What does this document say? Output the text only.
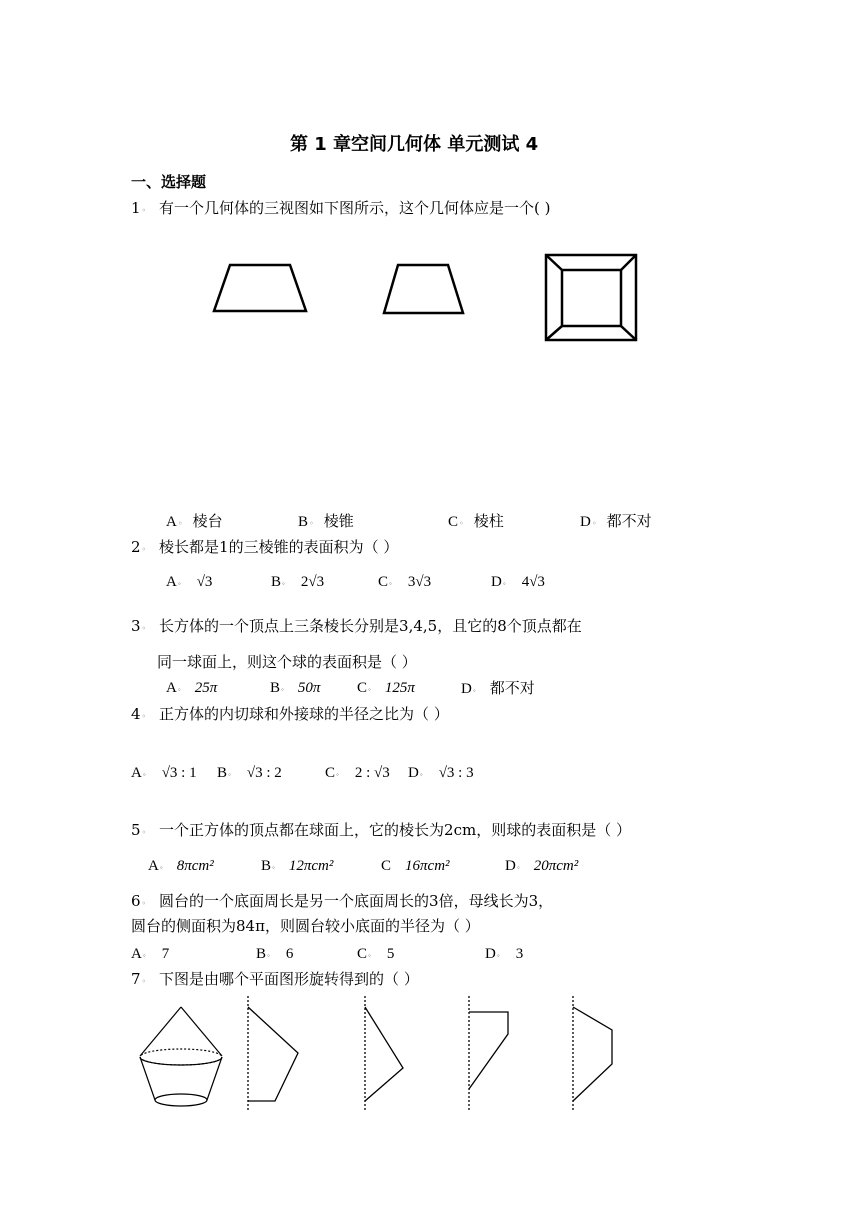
第 1 章空间几何体 单元测试 4
一、选择题
1◦ 有一个几何体的三视图如下图所示，这个几何体应是一个( )
A◦ 棱台	B◦ 棱锥	C◦ 棱柱	D◦ 都不对
2◦ 棱长都是1的三棱锥的表面积为（ ）
A◦ √3	B◦ 2√3	C◦ 3√3	D◦ 4√3
3◦ 长方体的一个顶点上三条棱长分别是3,4,5，且它的8个顶点都在
同一球面上，则这个球的表面积是（ ）
A◦ 25π	B◦ 50π C◦ 125π	D◦ 都不对
4◦ 正方体的内切球和外接球的半径之比为（ ）
A◦ √3 : 1 B◦ √3 : 2	C◦ 2 : √3 D◦ √3 : 3
5◦ 一个正方体的顶点都在球面上，它的棱长为2cm，则球的表面积是（ ）
A◦ 8πcm²	B◦ 12πcm²	C 16πcm²	D◦ 20πcm²
6◦ 圆台的一个底面周长是另一个底面周长的3倍，母线长为3，
圆台的侧面积为84π，则圆台较小底面的半径为（ ）
A◦ 7	B◦ 6	C◦ 5	D◦ 3
7◦ 下图是由哪个平面图形旋转得到的（ ）
